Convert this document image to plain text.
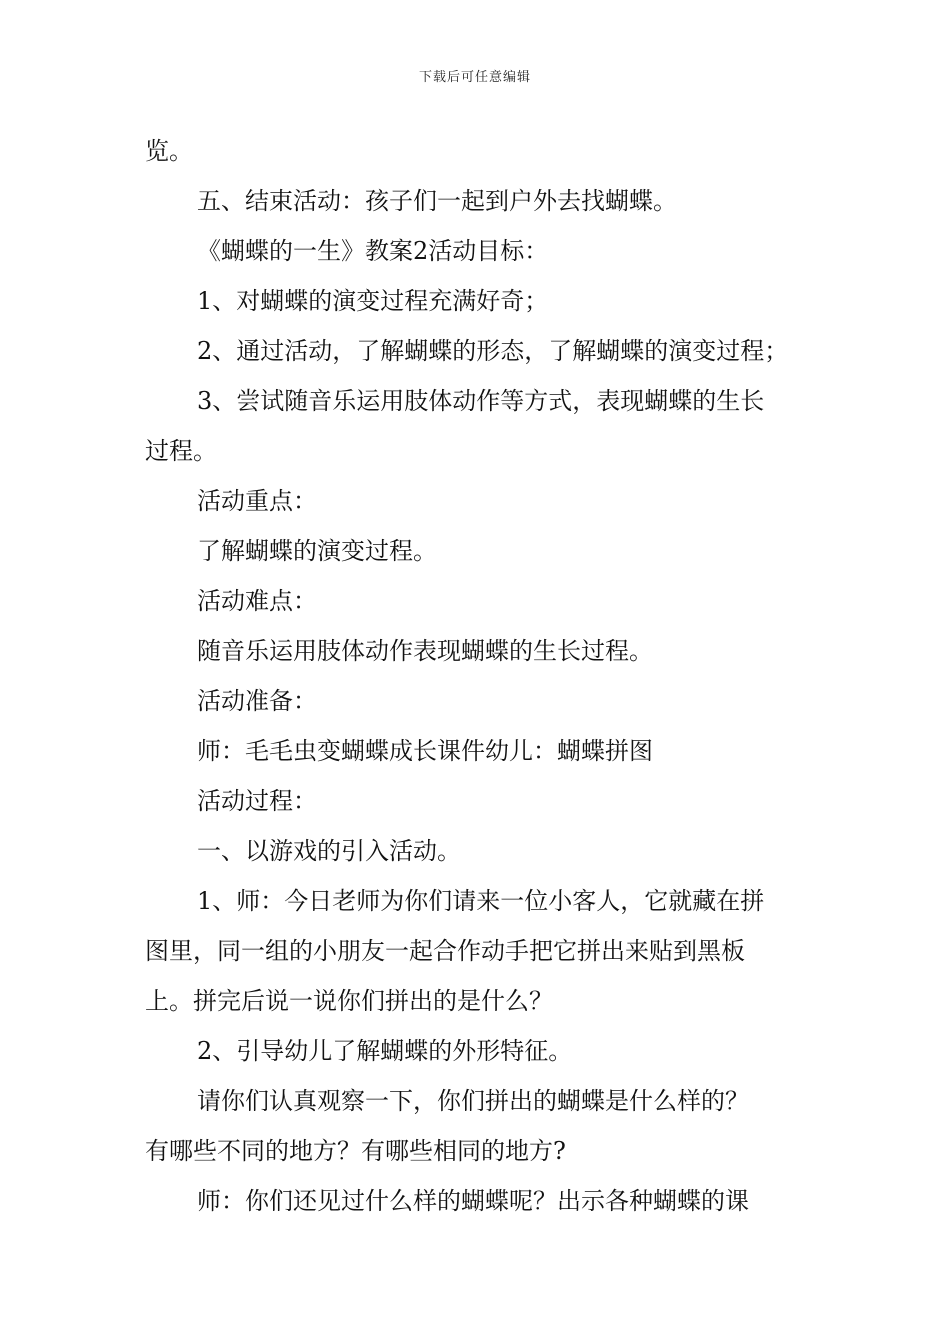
下载后可任意编辑

览。

五、结束活动：孩子们一起到户外去找蝴蝶。

《蝴蝶的一生》教案2活动目标：

1、对蝴蝶的演变过程充满好奇；

2、通过活动，了解蝴蝶的形态，了解蝴蝶的演变过程；

3、尝试随音乐运用肢体动作等方式，表现蝴蝶的生长

过程。

活动重点：

了解蝴蝶的演变过程。

活动难点：

随音乐运用肢体动作表现蝴蝶的生长过程。

活动准备：

师：毛毛虫变蝴蝶成长课件幼儿：蝴蝶拼图

活动过程：

一、以游戏的引入活动。

1、师：今日老师为你们请来一位小客人，它就藏在拼

图里，同一组的小朋友一起合作动手把它拼出来贴到黑板

上。拼完后说一说你们拼出的是什么？

2、引导幼儿了解蝴蝶的外形特征。

请你们认真观察一下，你们拼出的蝴蝶是什么样的？

有哪些不同的地方？有哪些相同的地方?

师：你们还见过什么样的蝴蝶呢？出示各种蝴蝶的课
